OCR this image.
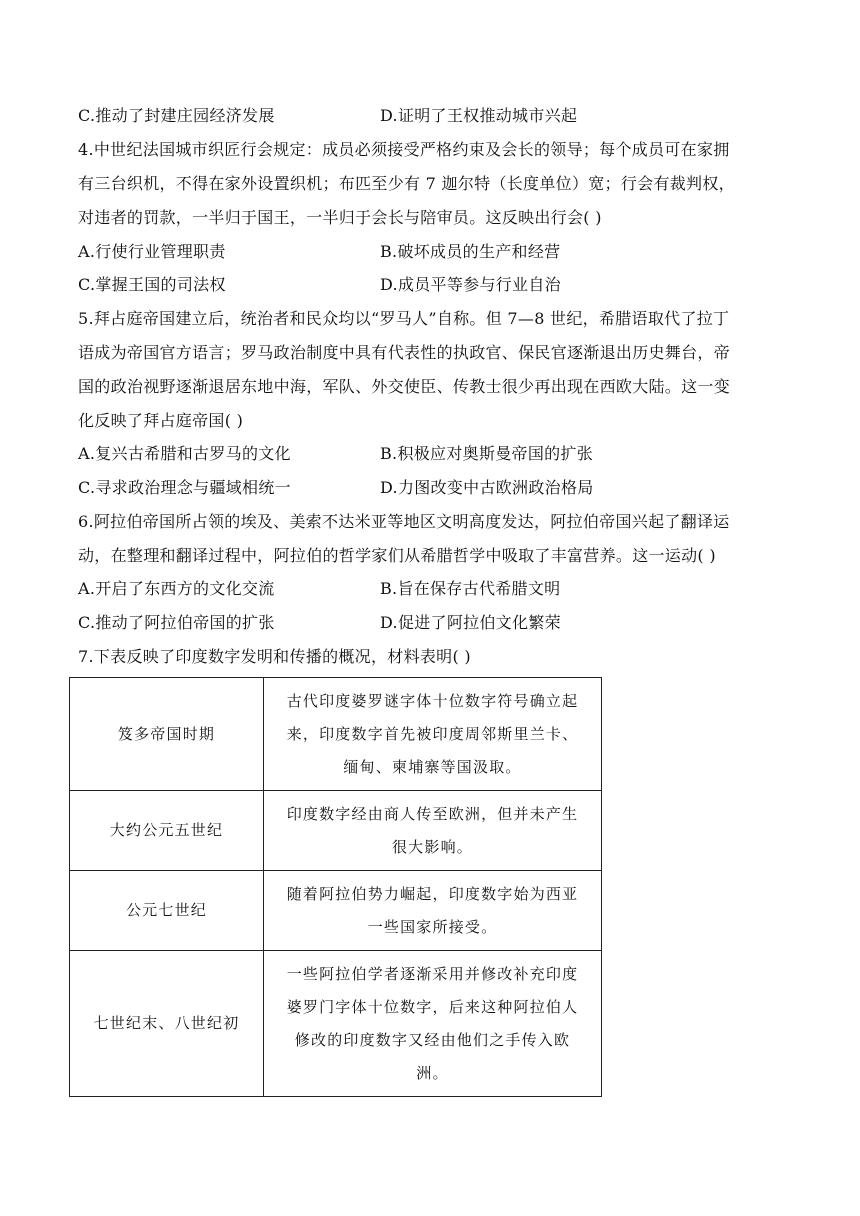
C.推动了封建庄园经济发展	D.证明了王权推动城市兴起
4.中世纪法国城市织匠行会规定：成员必须接受严格约束及会长的领导；每个成员可在家拥
有三台织机，不得在家外设置织机；布匹至少有 7 迦尔特（长度单位）宽；行会有裁判权，
对违者的罚款，一半归于国王，一半归于会长与陪审员。这反映出行会( )
A.行使行业管理职责	B.破坏成员的生产和经营
C.掌握王国的司法权	D.成员平等参与行业自治
5.拜占庭帝国建立后，统治者和民众均以“罗马人”自称。但 7—8 世纪，希腊语取代了拉丁
语成为帝国官方语言；罗马政治制度中具有代表性的执政官、保民官逐渐退出历史舞台，帝
国的政治视野逐渐退居东地中海，军队、外交使臣、传教士很少再出现在西欧大陆。这一变
化反映了拜占庭帝国( )
A.复兴古希腊和古罗马的文化	B.积极应对奥斯曼帝国的扩张
C.寻求政治理念与疆域相统一	D.力图改变中古欧洲政治格局
6.阿拉伯帝国所占领的埃及、美索不达米亚等地区文明高度发达，阿拉伯帝国兴起了翻译运
动，在整理和翻译过程中，阿拉伯的哲学家们从希腊哲学中吸取了丰富营养。这一运动( )
A.开启了东西方的文化交流	B.旨在保存古代希腊文明
C.推动了阿拉伯帝国的扩张	D.促进了阿拉伯文化繁荣
7.下表反映了印度数字发明和传播的概况，材料表明( )
笈多帝国时期	古代印度婆罗谜字体十位数字符号确立起
来，印度数字首先被印度周邻斯里兰卡、
缅甸、柬埔寨等国汲取。

大约公元五世纪	印度数字经由商人传至欧洲，但并未产生
很大影响。

公元七世纪	随着阿拉伯势力崛起，印度数字始为西亚
一些国家所接受。

七世纪末、八世纪初	一些阿拉伯学者逐渐采用并修改补充印度
婆罗门字体十位数字，后来这种阿拉伯人
修改的印度数字又经由他们之手传入欧
洲。
